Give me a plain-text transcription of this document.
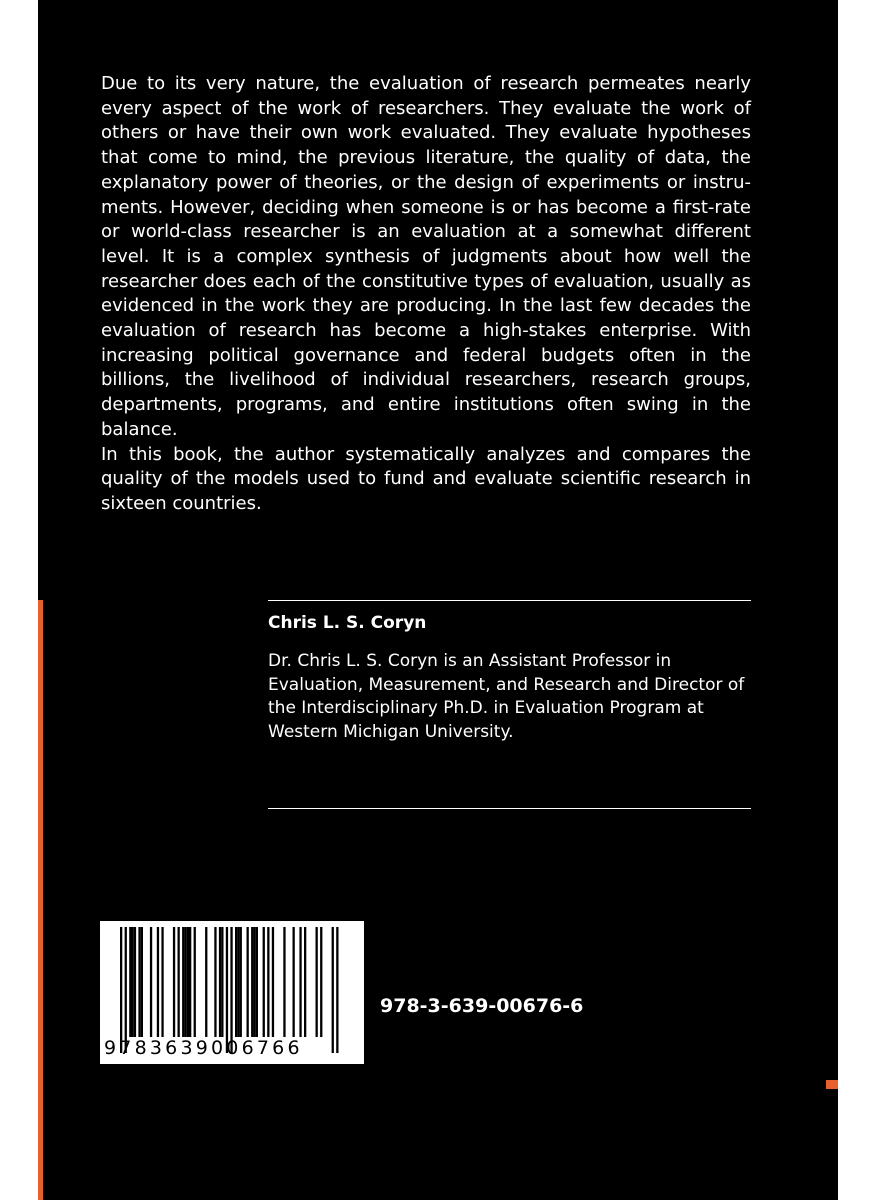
Due to its very nature, the evaluation of research permeates nearly every aspect of the work of researchers. They evaluate the work of others or have their own work evaluated. They evaluate hypotheses that come to mind, the previous literature, the quality of data, the explanatory power of theories, or the design of experiments or instruments. However, deciding when someone is or has become a first-rate or world-class researcher is an evaluation at a somewhat different level. It is a complex synthesis of judgments about how well the researcher does each of the constitutive types of evaluation, usually as evidenced in the work they are producing. In the last few decades the evaluation of research has become a high-stakes enterprise. With increasing political governance and federal budgets often in the billions, the livelihood of individual researchers, research groups, departments, programs, and entire institutions often swing in the balance.

In this book, the author systematically analyzes and compares the quality of the models used to fund and evaluate scientific research in sixteen countries.

Chris L. S. Coryn
Dr. Chris L. S. Coryn is an Assistant Professor in Evaluation, Measurement, and Research and Director of the Interdisciplinary Ph.D. in Evaluation Program at Western Michigan University.
9783639006766
978-3-639-00676-6
